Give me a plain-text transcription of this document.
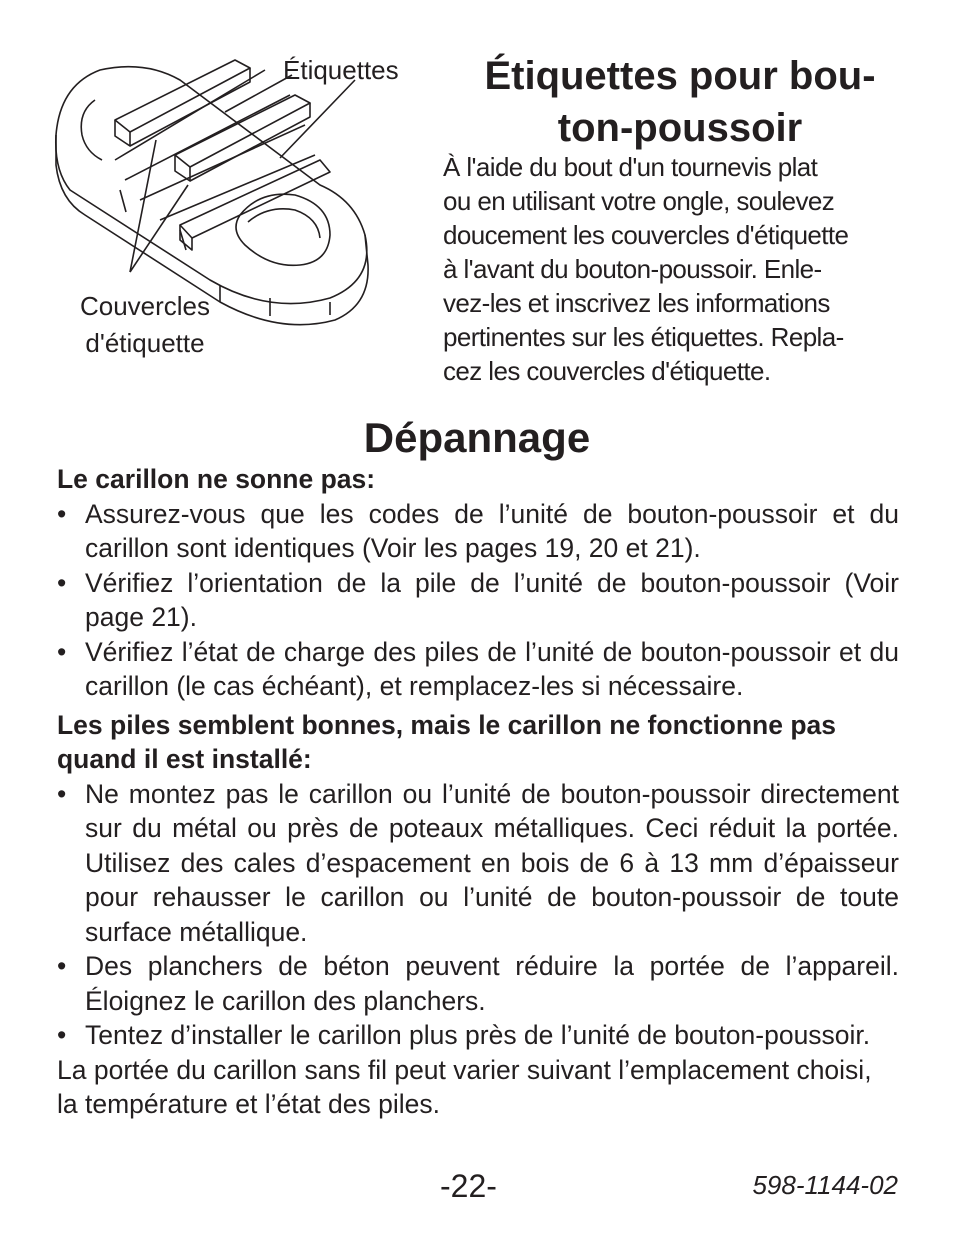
Étiquettes
Couvercles
d'étiquette
Étiquettes pour bou-
ton-poussoir
À l'aide du bout d'un tournevis plat
ou en utilisant votre ongle, soulevez
doucement les couvercles d'étiquette
à l'avant du bouton-poussoir. Enle-
vez-les et inscrivez les informations
pertinentes sur les étiquettes. Repla-
cez les couvercles d'étiquette.
Dépannage
Le carillon ne sonne pas:
• Assurez-vous que les codes de l’unité de bouton-poussoir et du carillon sont identiques (Voir les pages 19, 20 et 21).
• Vérifiez l’orientation de la pile de l’unité de bouton-poussoir (Voir page 21).
• Vérifiez l’état de charge des piles de l’unité de bouton-poussoir et du carillon (le cas échéant), et remplacez-les si nécessaire.
Les piles semblent bonnes, mais le carillon ne fonctionne pas quand il est installé:
• Ne montez pas le carillon ou l’unité de bouton-poussoir directement sur du métal ou près de poteaux métalliques. Ceci réduit la portée. Utilisez des cales d’espacement en bois de 6 à 13 mm d’épaisseur pour rehausser le carillon ou l’unité de bouton-poussoir de toute surface métallique.
• Des planchers de béton peuvent réduire la portée de l’appareil. Éloignez le carillon des planchers.
• Tentez d’installer le carillon plus près de l’unité de bouton-poussoir.
La portée du carillon sans fil peut varier suivant l’emplacement choisi, la température et l’état des piles.
-22-	598-1144-02
